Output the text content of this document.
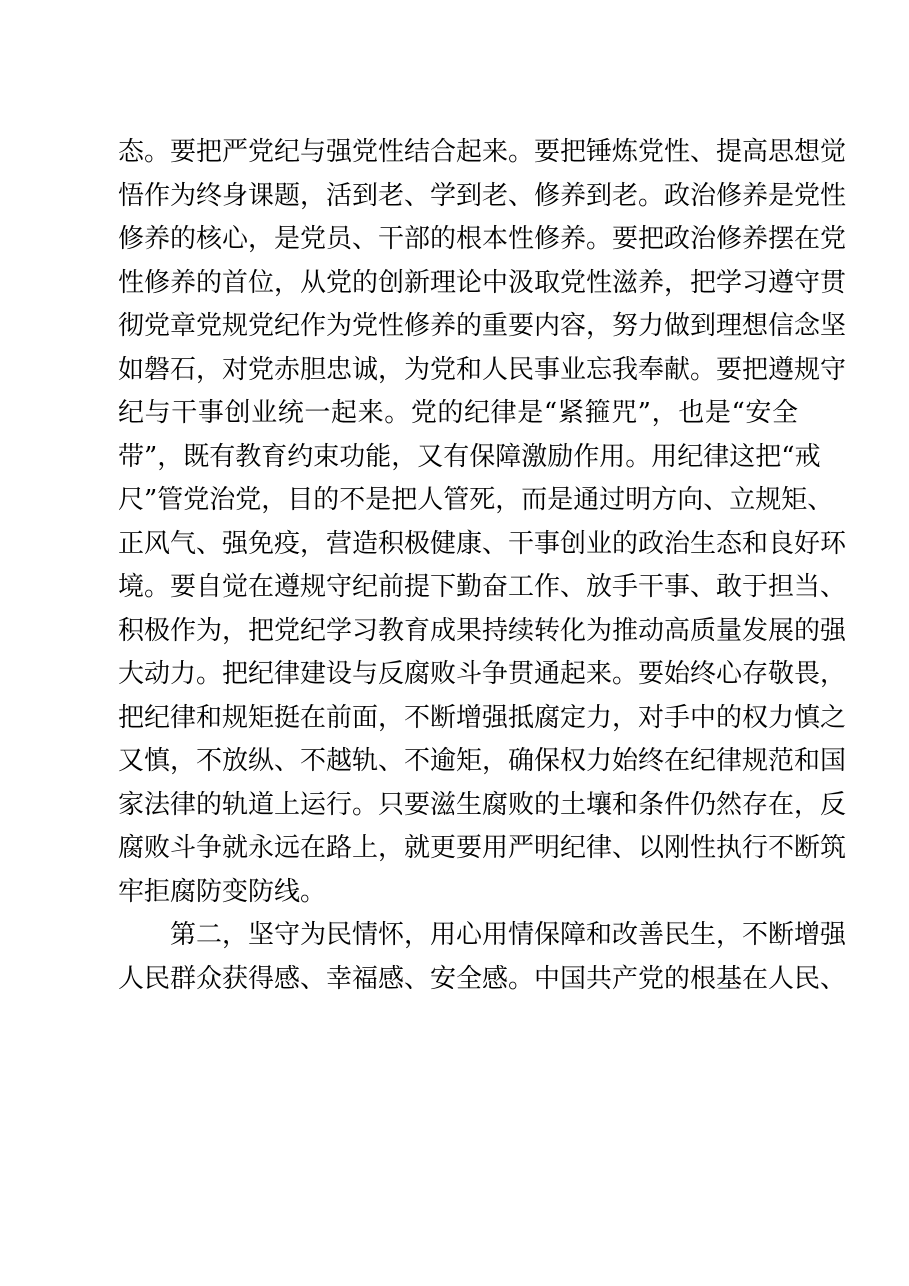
态。要把严党纪与强党性结合起来。要把锤炼党性、提高思想觉
悟作为终身课题，活到老、学到老、修养到老。政治修养是党性
修养的核心，是党员、干部的根本性修养。要把政治修养摆在党
性修养的首位，从党的创新理论中汲取党性滋养，把学习遵守贯
彻党章党规党纪作为党性修养的重要内容，努力做到理想信念坚
如磐石，对党赤胆忠诚，为党和人民事业忘我奉献。要把遵规守
纪与干事创业统一起来。党的纪律是“紧箍咒”，也是“安全
带”，既有教育约束功能，又有保障激励作用。用纪律这把“戒
尺”管党治党，目的不是把人管死，而是通过明方向、立规矩、
正风气、强免疫，营造积极健康、干事创业的政治生态和良好环
境。要自觉在遵规守纪前提下勤奋工作、放手干事、敢于担当、
积极作为，把党纪学习教育成果持续转化为推动高质量发展的强
大动力。把纪律建设与反腐败斗争贯通起来。要始终心存敬畏，
把纪律和规矩挺在前面，不断增强抵腐定力，对手中的权力慎之
又慎，不放纵、不越轨、不逾矩，确保权力始终在纪律规范和国
家法律的轨道上运行。只要滋生腐败的土壤和条件仍然存在，反
腐败斗争就永远在路上，就更要用严明纪律、以刚性执行不断筑
牢拒腐防变防线。
第二，坚守为民情怀，用心用情保障和改善民生，不断增强
人民群众获得感、幸福感、安全感。中国共产党的根基在人民、
